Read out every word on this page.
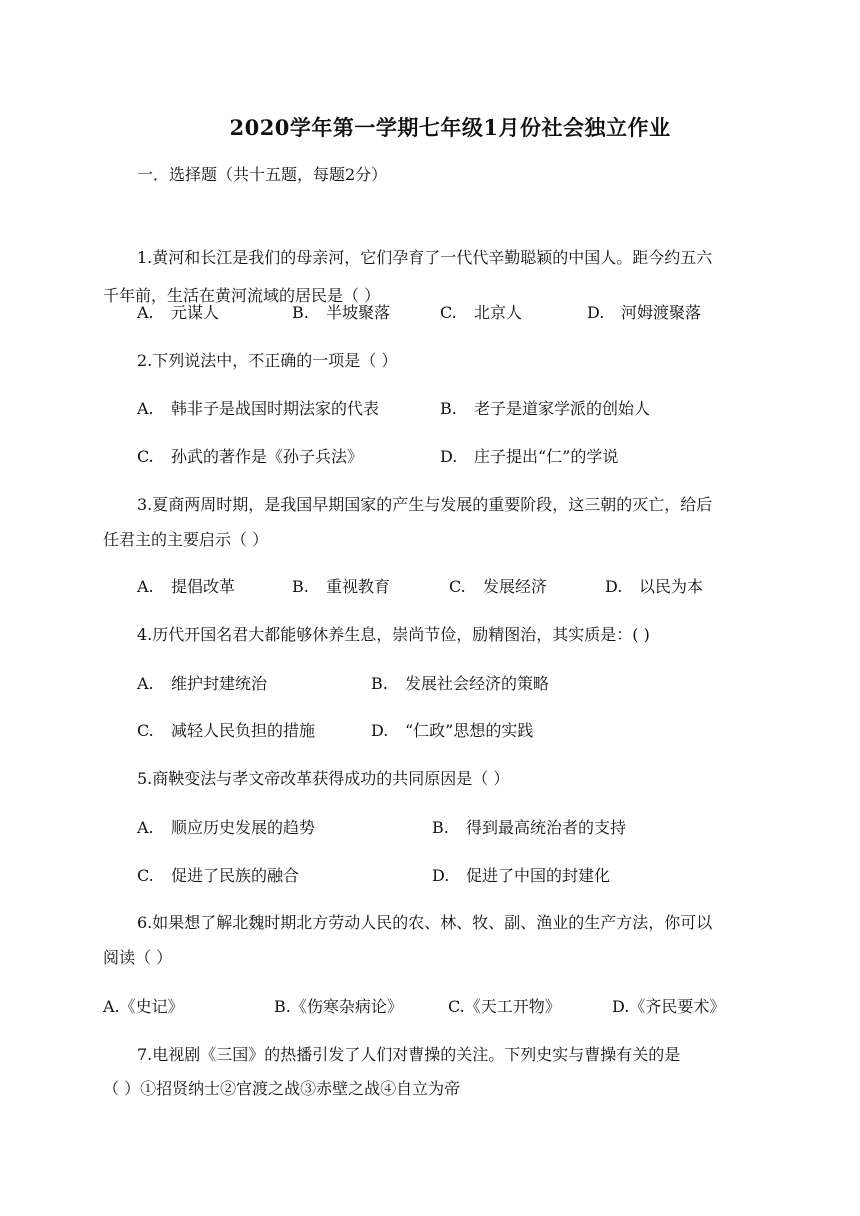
2020学年第一学期七年级1月份社会独立作业
一．选择题（共十五题，每题2分）
1.黄河和长江是我们的母亲河，它们孕育了一代代辛勤聪颖的中国人。距今约五六
千年前，生活在黄河流域的居民是（ ）
A. 元谋人	B. 半坡聚落	C. 北京人	D. 河姆渡聚落
2.下列说法中，不正确的一项是（ ）
A. 韩非子是战国时期法家的代表	B. 老子是道家学派的创始人
C. 孙武的著作是《孙子兵法》	D. 庄子提出“仁”的学说
3.夏商两周时期，是我国早期国家的产生与发展的重要阶段，这三朝的灭亡，给后
任君主的主要启示（ ）
A. 提倡改革	B. 重视教育	C. 发展经济	D. 以民为本
4.历代开国名君大都能够休养生息，崇尚节俭，励精图治，其实质是：( )
A. 维护封建统治	B. 发展社会经济的策略
C. 减轻人民负担的措施	D. “仁政”思想的实践
5.商鞅变法与孝文帝改革获得成功的共同原因是（ ）
A. 顺应历史发展的趋势	B. 得到最高统治者的支持
C. 促进了民族的融合	D. 促进了中国的封建化
6.如果想了解北魏时期北方劳动人民的农、林、牧、副、渔业的生产方法，你可以
阅读（ ）
A.《史记》	B.《伤寒杂病论》	C.《天工开物》	D.《齐民要术》
7.电视剧《三国》的热播引发了人们对曹操的关注。下列史实与曹操有关的是
（ ）①招贤纳士②官渡之战③赤壁之战④自立为帝
